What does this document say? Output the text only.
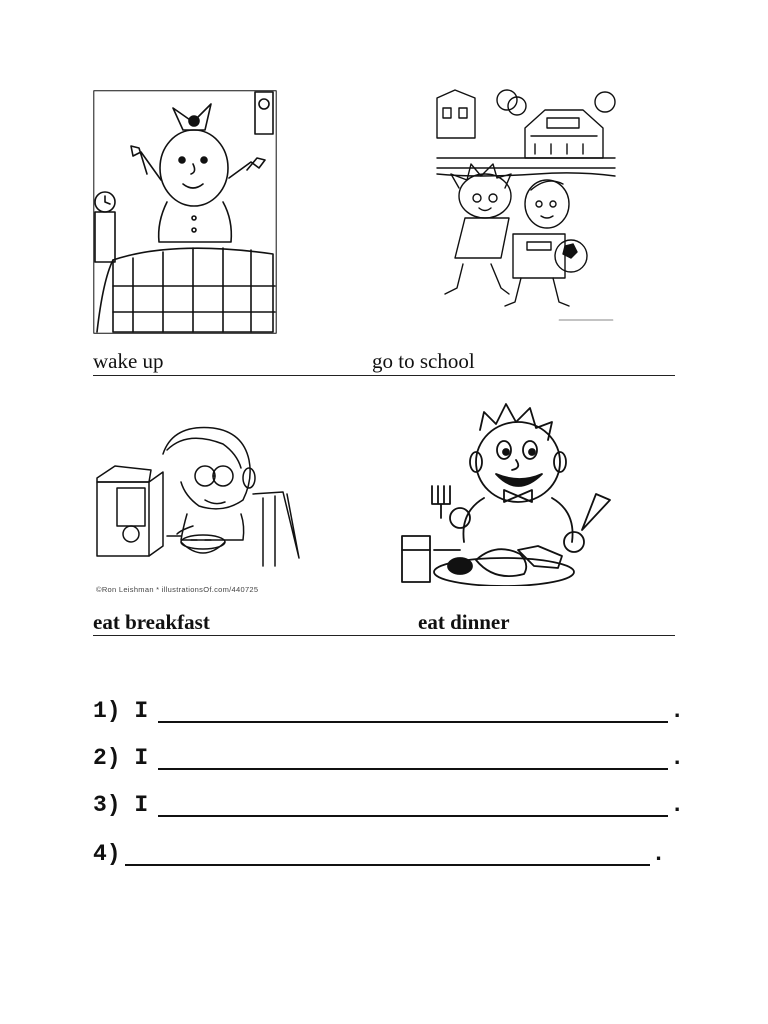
wake up	go to school
©Ron Leishman * illustrationsOf.com/440725
eat breakfast	eat dinner
1) I	.
2) I	.
3) I	.
4)	.
